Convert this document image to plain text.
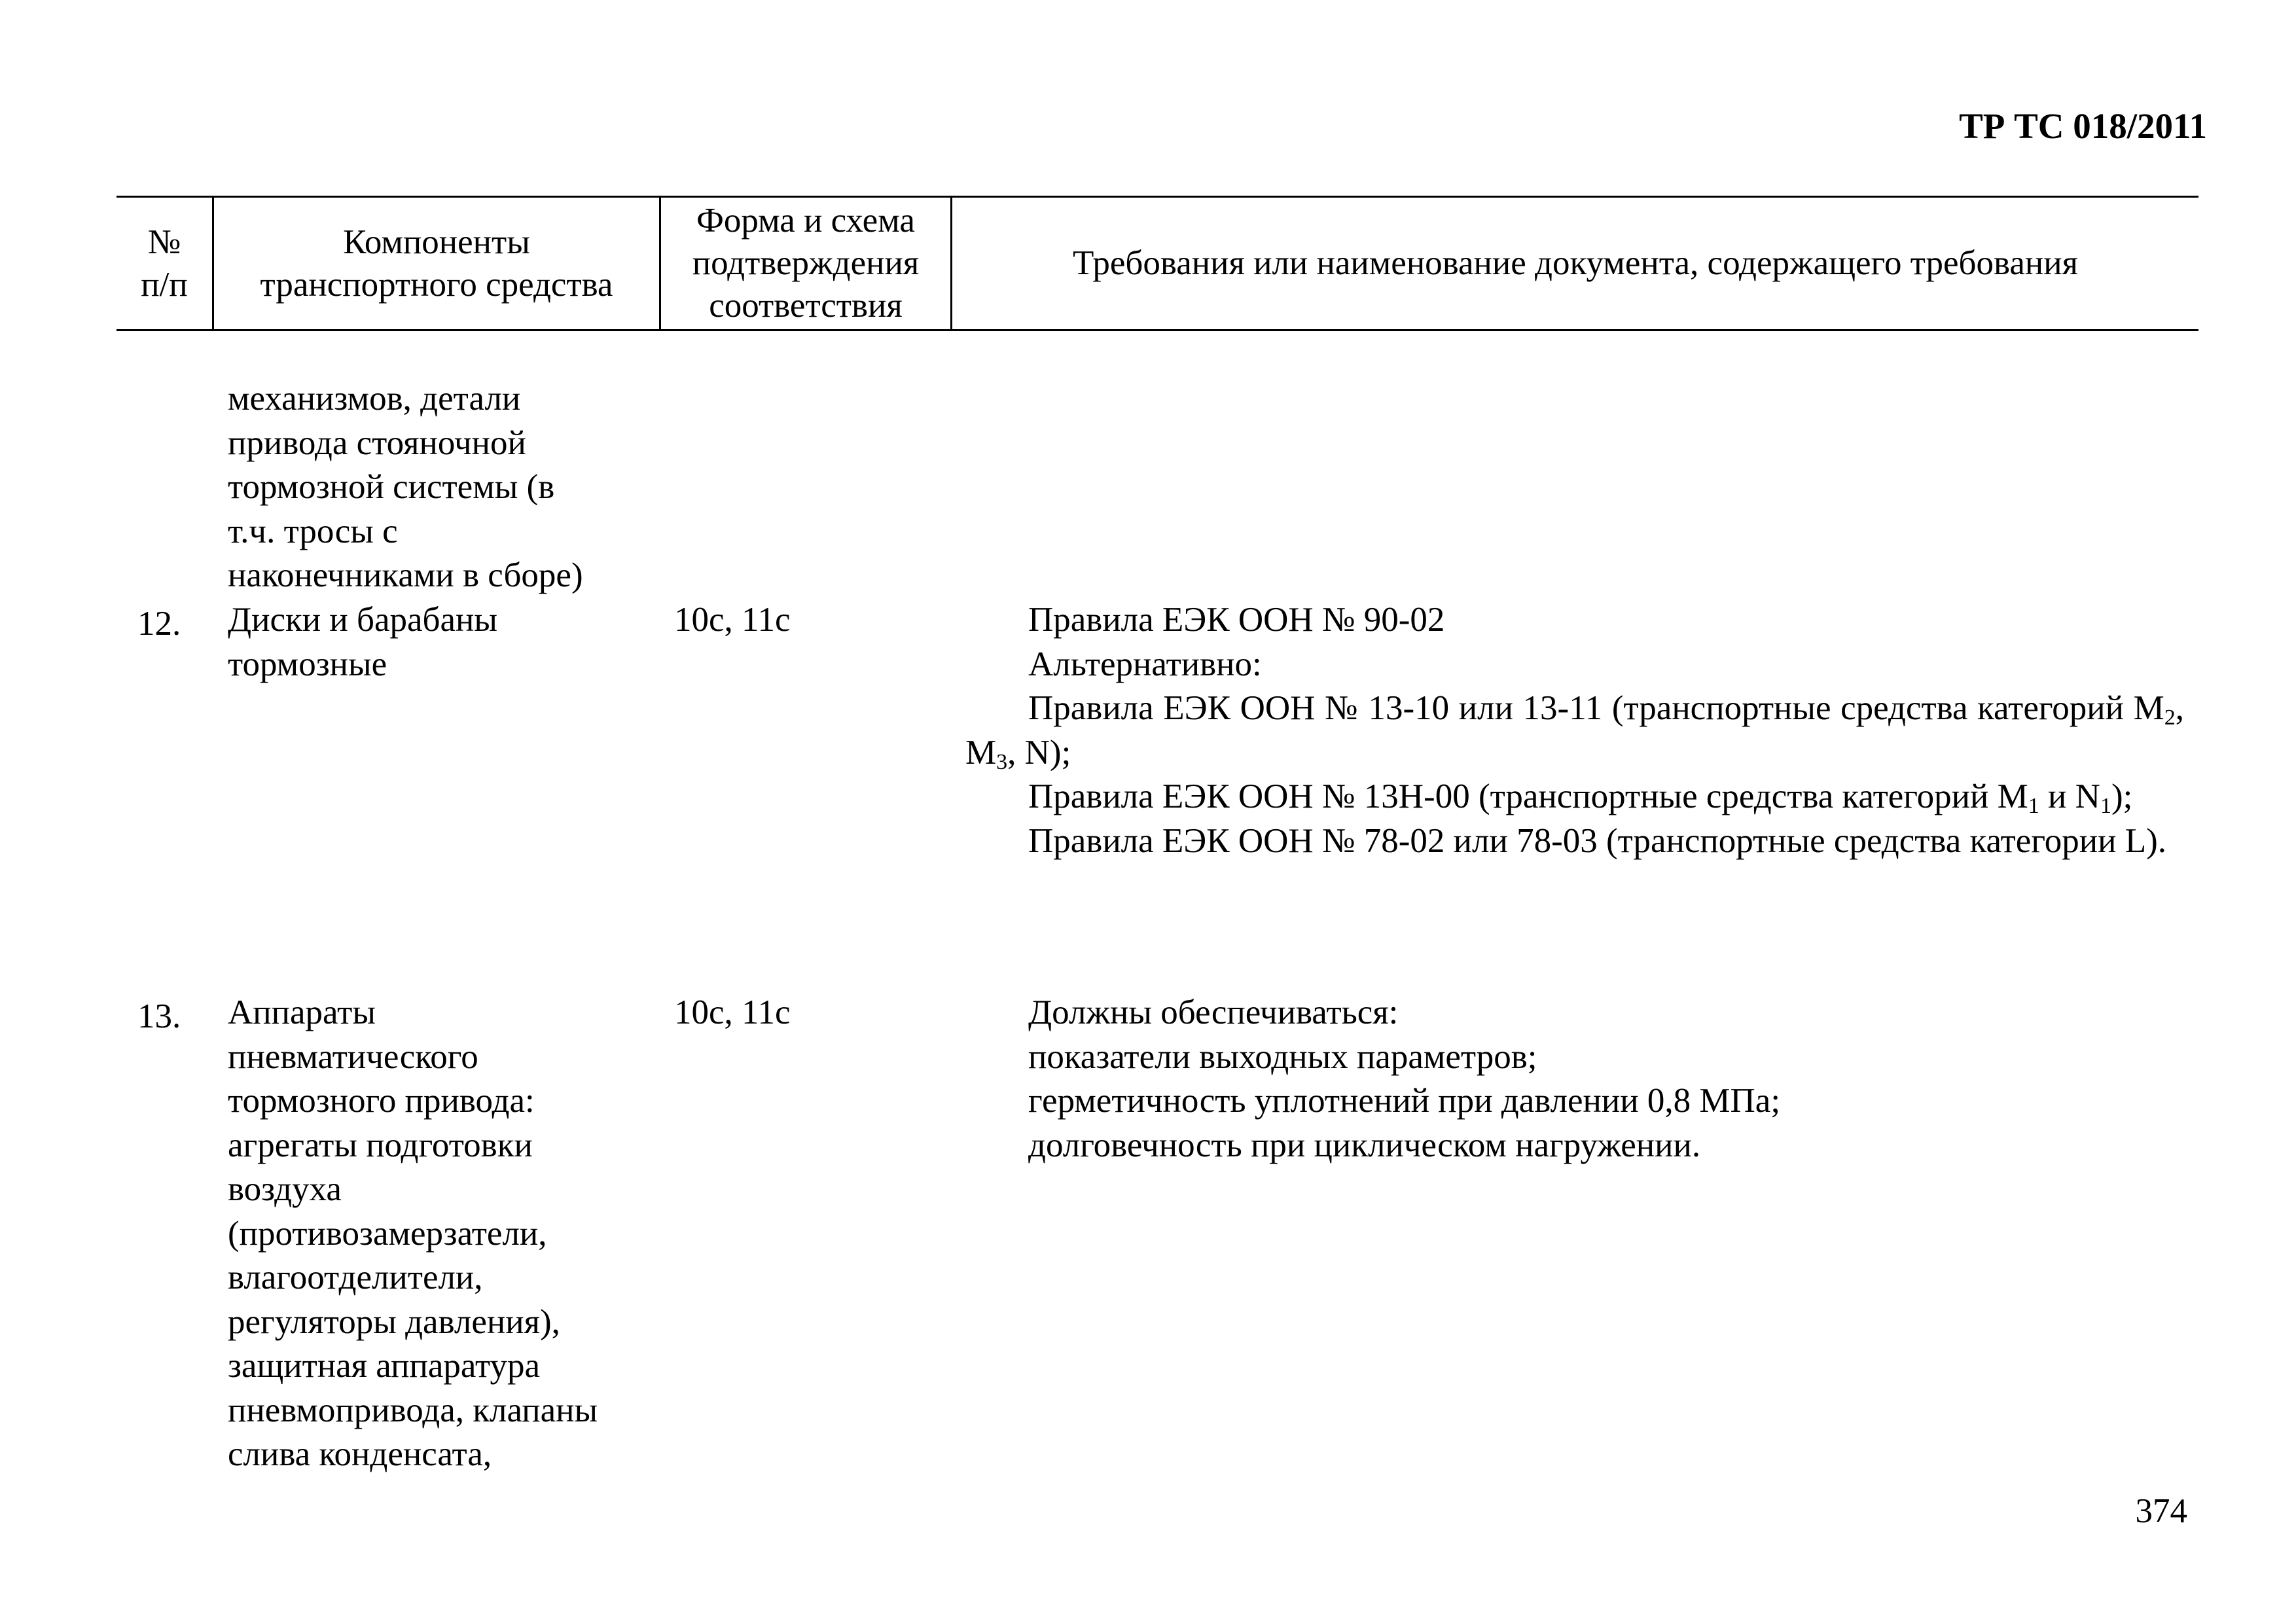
ТР ТС 018/2011
№
п/п
Компоненты
транспортного средства
Форма и схема
подтверждения
соответствия
Требования или наименование документа, содержащего требования
механизмов, детали
привода стояночной
тормозной системы (в
т.ч. тросы с
наконечниками в сборе)
12. Диски и барабаны
тормозные
10с, 11с	Правила ЕЭК ООН № 90-02

Альтернативно:

Правила ЕЭК ООН № 13-10 или 13-11 (транспортные средства категорий $M_2$, $M_3$, N);

Правила ЕЭК ООН № 13Н-00 (транспортные средства категорий $M_1$ и $N_1$);

Правила ЕЭК ООН № 78-02 или 78-03 (транспортные средства категории L).

13. Аппараты
пневматического
тормозного привода:
агрегаты подготовки
воздуха
(противозамерзатели,
влагоотделители,
регуляторы давления),
защитная аппаратура
пневмопривода, клапаны
слива конденсата,
10с, 11с	Должны обеспечиваться:

показатели выходных параметров;

герметичность уплотнений при давлении 0,8 МПа;

долговечность при циклическом нагружении.

374
